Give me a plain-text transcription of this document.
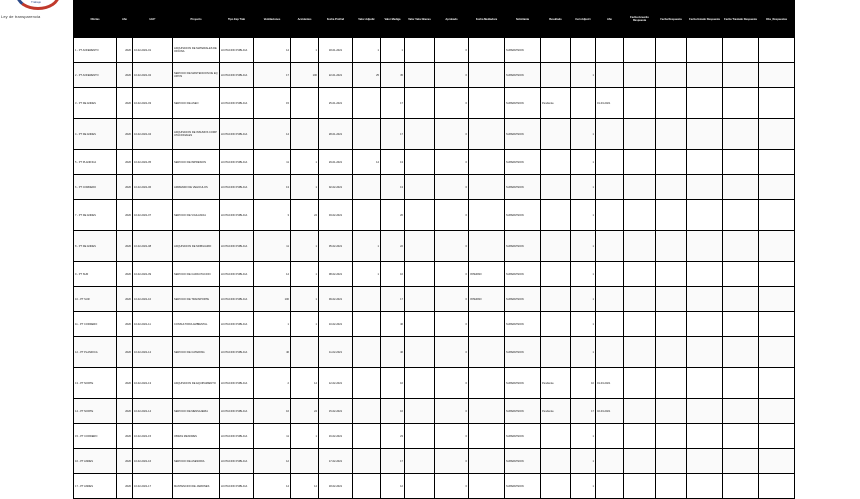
Trabajo
Ley de transparencia	Ofertas	Año	Id.N°	Proyecto	Tipo Exp Trab	Ventilaciones	Accidentes	Fecha Profind	Valor Adjudic	Valor Mediga	Valor Valor Bienes	Aprobado	Fecha Mediadora	Solicitante	Resultado	Cert.Adjud.1	Año	Fecha Acuerdo Respuesta	Fecha Respuesta	Fecha Estado Respuesta	Fecha Traslado Respuesta	Obs_Respuestas
1 - PT AOFERENTO	2020	10-02-2021-01	ADQUISICION DE MATERIALES DE OFICINA	LICITACION PUBLICA	14	1	18-01-2021	1	1		0		SUPERVISION								
2 - PT AOFERENTO	2020	10-02-2021-02	SERVICIO DE MANTENCION DE EQUIPOS	LICITACION PUBLICA	17	100	22-01-2021	25	45		0		SUPERVISION		1						
3 - PT DE ANDES	2020	10-02-2021-03	SERVICIO DE ASEO	LICITACION PUBLICA	15		25-01-2021		17		0		SUPERVISION	Pendiente		01-03-2021					
4 - PT DE ANDES	2020	10-02-2021-04	ADQUISICION DE INSUMOS COMPUTACIONALES	LICITACION PUBLICA	14		28-01-2021		17		0		SUPERVISION		1						
5 - PT PLANIFICA	2020	10-02-2021-05	SERVICIO DE IMPRESION	LICITACION PUBLICA	11	1	29-01-2021	14	13		0		SUPERVISION		1						
6 - PT CORDERO	2020	10-02-2021-06	ARRIENDO DE VEHICULOS	LICITACION PUBLICA	13	1	02-02-2021		13		0		SUPERVISION		1						
7 - PT DE ANDES	2020	10-02-2021-07	SERVICIO DE VIGILANCIA	LICITACION PUBLICA	3	24	03-02-2021		26		0		SUPERVISION		1						
8 - PT DE ANDES	2020	10-02-2021-08	ADQUISICION DE MOBILIARIO	LICITACION PUBLICA	11	1	05-02-2021	1	22		0		SUPERVISION		1						
9 - PT SUR	2020	10-02-2021-09	SERVICIO DE CAPACITACION	LICITACION PUBLICA	14	1	08-02-2021	1	16		0	INTERNO	SUPERVISION		1						
10 - PT SUR	2020	10-02-2021-10	SERVICIO DE TRANSPORTE	LICITACION PUBLICA	100	1	09-02-2021		17		0	INTERNO	SUPERVISION		1						
11 - PT CORDERO	2020	10-02-2021-11	CONSULTORIA AMBIENTAL	LICITACION PUBLICA	1	1	10-02-2021		46		0		SUPERVISION		1						
12 - PT PLANIFICA	2020	10-02-2021-12	SERVICIO DE CATERING	LICITACION PUBLICA	46		11-02-2021		46		0		SUPERVISION		1						
13 - PT NORTE	2020	10-02-2021-13	ADQUISICION DE EQUIPAMIENTO	LICITACION PUBLICA	2	14	12-02-2021		16		0		SUPERVISION	Pendiente	10	01-03-2021					
14 - PT NORTE	2020	10-02-2021-14	SERVICIO DE MENSAJERIA	LICITACION PUBLICA	16	24	15-02-2021		16		0		SUPERVISION	Pendiente	17	02-03-2021					
15 - PT CORDERO	2020	10-02-2021-15	OBRAS MENORES	LICITACION PUBLICA	11	1	16-02-2021		23		0		SUPERVISION		1						
16 - PT ANDES	2020	10-02-2021-16	SERVICIO DE ASESORIA	LICITACION PUBLICA	12		17-02-2021		17		0		SUPERVISION		1						
17 - PT ANDES	2020	10-02-2021-17	MANTENCION DE JARDINES	LICITACION PUBLICA	14	14	18-02-2021		12		0		SUPERVISION		1						
